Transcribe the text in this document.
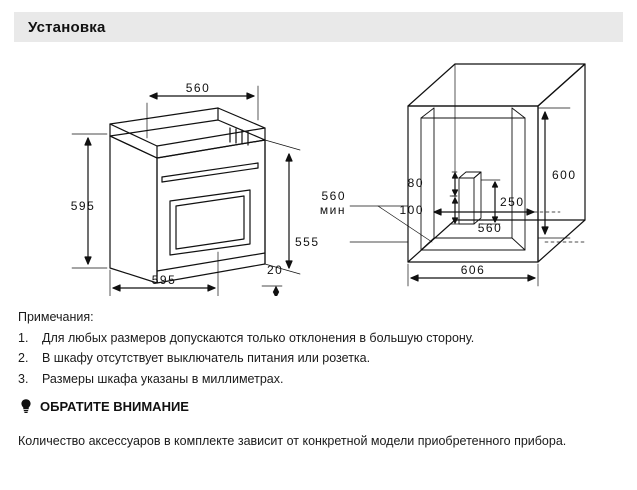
Установка
560
595
555
20
595
80
100
250
600
560
мин
560
606
Примечания:
1.	Для любых размеров допускаются только отклонения в большую сторону.
2.	В шкафу отсутствует выключатель питания или розетка.
3.	Размеры шкафа указаны в миллиметрах.
ОБРАТИТЕ ВНИМАНИЕ
Количество аксессуаров в комплекте зависит от конкретной модели приобретенного прибора.
